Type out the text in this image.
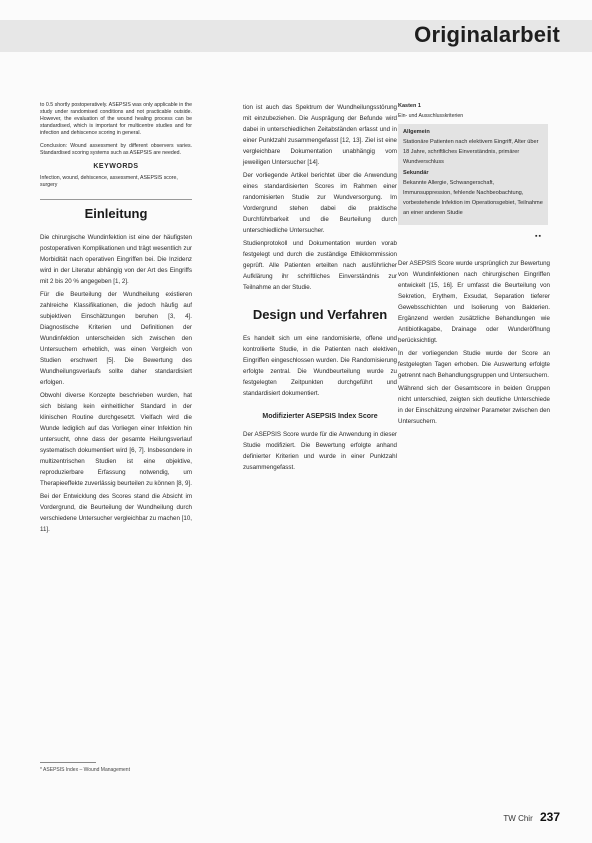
Originalarbeit

to 0.5 shortly postoperatively. ASEPSIS was only applicable in the study under randomised conditions and not practicable outside. However, the evaluation of the wound healing process can be standardised, which is important for multicentre studies and for infection and dehiscence scoring in general.

Conclusion: Wound assessment by different observers varies. Standardised scoring systems such as ASEPSIS are needed.

KEYWORDS
Infection, wound, dehiscence, assessment, ASEPSIS score, surgery
Einleitung

Die chirurgische Wundinfektion ist eine der häufigsten postoperativen Komplikationen und trägt wesentlich zur Morbidität nach operativen Eingriffen bei. Die Inzidenz wird in der Literatur abhängig von der Art des Eingriffs mit 2 bis 20 % angegeben [1, 2].

Für die Beurteilung der Wundheilung existieren zahlreiche Klassifikationen, die jedoch häufig auf subjektiven Einschätzungen beruhen [3, 4]. Diagnostische Kriterien und Definitionen der Wundinfektion unterscheiden sich zwischen den Untersuchern erheblich, was einen Vergleich von Studien erschwert [5]. Die Bewertung des Wundheilungsverlaufs sollte daher standardisiert erfolgen.

Obwohl diverse Konzepte beschrieben wurden, hat sich bislang kein einheitlicher Standard in der klinischen Routine durchgesetzt. Vielfach wird die Wunde lediglich auf das Vorliegen einer Infektion hin untersucht, ohne dass der gesamte Heilungsverlauf systematisch dokumentiert wird [6, 7]. Insbesondere in multizentrischen Studien ist eine objektive, reproduzierbare Erfassung notwendig, um Therapieeffekte zuverlässig beurteilen zu können [8, 9].

Bei der Entwicklung des Scores stand die Absicht im Vordergrund, die Beurteilung der Wundheilung durch verschiedene Untersucher vergleichbar zu machen [10, 11].

tion ist auch das Spektrum der Wundheilungsstörung mit einzubeziehen. Die Ausprägung der Befunde wird dabei in unterschiedlichen Zeitabständen erfasst und in einer Punktzahl zusammengefasst [12, 13]. Ziel ist eine vergleichbare Dokumentation unabhängig vom jeweiligen Untersucher [14].

Der vorliegende Artikel berichtet über die Anwendung eines standardisierten Scores im Rahmen einer randomisierten Studie zur Wundversorgung. Im Vordergrund stehen dabei die praktische Durchführbarkeit und die Beurteilung durch unterschiedliche Untersucher.

Studienprotokoll und Dokumentation wurden vorab festgelegt und durch die zuständige Ethikkommission geprüft. Alle Patienten erteilten nach ausführlicher Aufklärung ihr schriftliches Einverständnis zur Teilnahme an der Studie.

Design und Verfahren

Es handelt sich um eine randomisierte, offene und kontrollierte Studie, in die Patienten nach elektiven Eingriffen eingeschlossen wurden. Die Randomisierung erfolgte zentral. Die Wundbeurteilung wurde zu festgelegten Zeitpunkten durchgeführt und standardisiert dokumentiert.

Modifizierter ASEPSIS Index Score

Der ASEPSIS Score wurde für die Anwendung in dieser Studie modifiziert. Die Bewertung erfolgte anhand definierter Kriterien und wurde in einer Punktzahl zusammengefasst.

Kasten 1
Ein- und Ausschlusskriterien
Allgemein
Stationäre Patienten nach elektivem Eingriff, Alter über 18 Jahre, schriftliches Einverständnis, primärer Wundverschluss
Sekundär
Bekannte Allergie, Schwangerschaft, Immunsuppression, fehlende Nachbeobachtung, vorbestehende Infektion im Operationsgebiet, Teilnahme an einer anderen Studie
▪▪

Der ASEPSIS Score wurde ursprünglich zur Bewertung von Wundinfektionen nach chirurgischen Eingriffen entwickelt [15, 16]. Er umfasst die Beurteilung von Sekretion, Erythem, Exsudat, Separation tieferer Gewebsschichten und Isolierung von Bakterien. Ergänzend werden zusätzliche Behandlungen wie Antibiotikagabe, Drainage oder Wunderöffnung berücksichtigt.

In der vorliegenden Studie wurde der Score an festgelegten Tagen erhoben. Die Auswertung erfolgte getrennt nach Behandlungsgruppen und Untersuchern.

Während sich der Gesamtscore in beiden Gruppen nicht unterschied, zeigten sich deutliche Unterschiede in der Einschätzung einzelner Parameter zwischen den Untersuchern.

* ASEPSIS Index – Wound Management
TW Chir 237
